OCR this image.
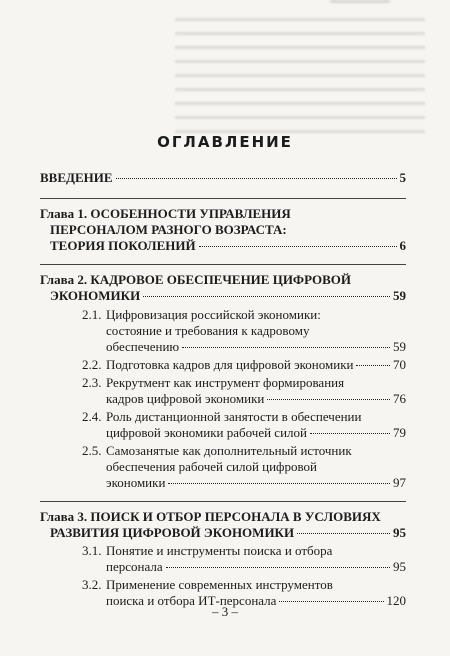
ОГЛАВЛЕНИЕ
ВВЕДЕНИЕ	5
Глава 1. ОСОБЕННОСТИ УПРАВЛЕНИЯ
ПЕРСОНАЛОМ РАЗНОГО ВОЗРАСТА:
ТЕОРИЯ ПОКОЛЕНИЙ	6
Глава 2. КАДРОВОЕ ОБЕСПЕЧЕНИЕ ЦИФРОВОЙ
ЭКОНОМИКИ	59
2.1. Цифровизация российской экономики:
состояние и требования к кадровому
обеспечению	59
2.2. Подготовка кадров для цифровой экономики	70
2.3. Рекрутмент как инструмент формирования
кадров цифровой экономики	76
2.4. Роль дистанционной занятости в обеспечении
цифровой экономики рабочей силой	79
2.5. Самозанятые как дополнительный источник
обеспечения рабочей силой цифровой
экономики	97
Глава 3. ПОИСК И ОТБОР ПЕРСОНАЛА В УСЛОВИЯХ
РАЗВИТИЯ ЦИФРОВОЙ ЭКОНОМИКИ	95
3.1. Понятие и инструменты поиска и отбора
персонала	95
3.2. Применение современных инструментов
поиска и отбора ИТ-персонала	120
– 3 –
